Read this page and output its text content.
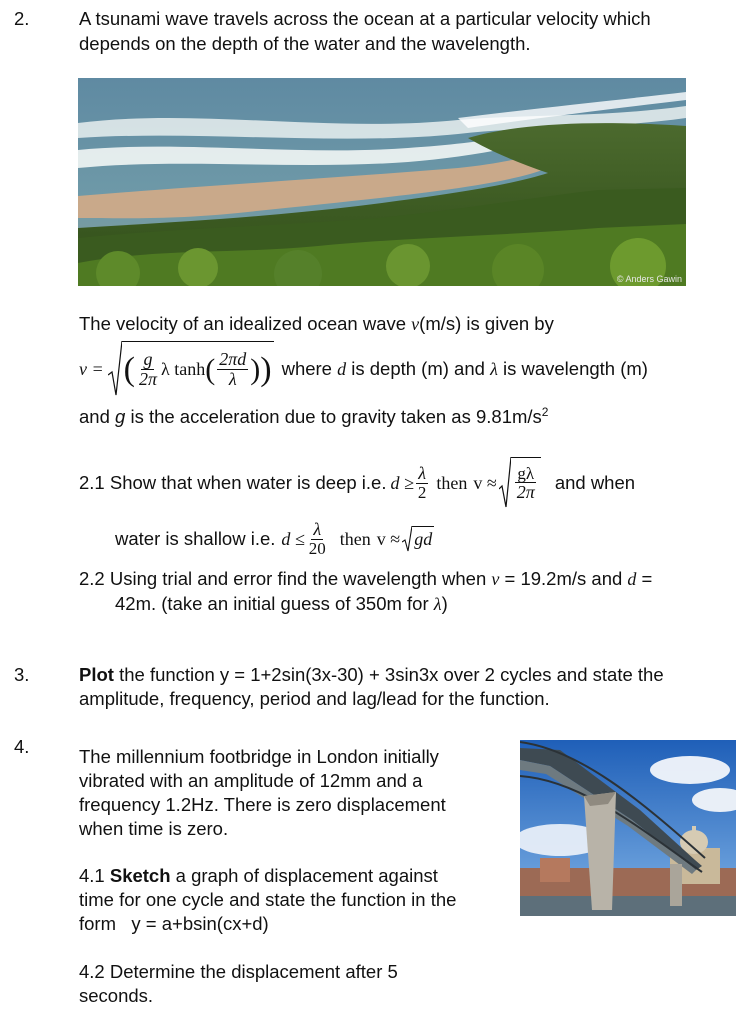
2.	A tsunami wave travels across the ocean at a particular velocity which
depends on the depth of the water and the wavelength.
© Anders Gawin
The velocity of an idealized ocean wave v(m/s) is given by
v = ( $\frac{g}{2\pi}$ λ tanh ( $\frac{2\pi d}{\lambda}$ ) ) where d is depth (m) and λ is wavelength (m)
and g is the acceleration due to gravity taken as $9.81m/s^2$
2.1 Show that when water is deep i.e. $d \ge \frac{\lambda}{2}$ then $v \approx \frac{g\lambda}{2\pi}$ and when
water is shallow i.e. $d \le \frac{\lambda}{20}$ then v ≈ gd
2.2 Using trial and error find the wavelength when v = 19.2m/s and d =
42m. (take an initial guess of 350m for λ)
3.	Plot the function y = 1+2sin(3x-30) + 3sin3x over 2 cycles and state the
amplitude, frequency, period and lag/lead for the function.
4.	The millennium footbridge in London initially
vibrated with an amplitude of 12mm and a
frequency 1.2Hz. There is zero displacement
when time is zero.
4.1 Sketch a graph of displacement against
time for one cycle and state the function in the
form   y = a+bsin(cx+d)
4.2 Determine the displacement after 5
seconds.
